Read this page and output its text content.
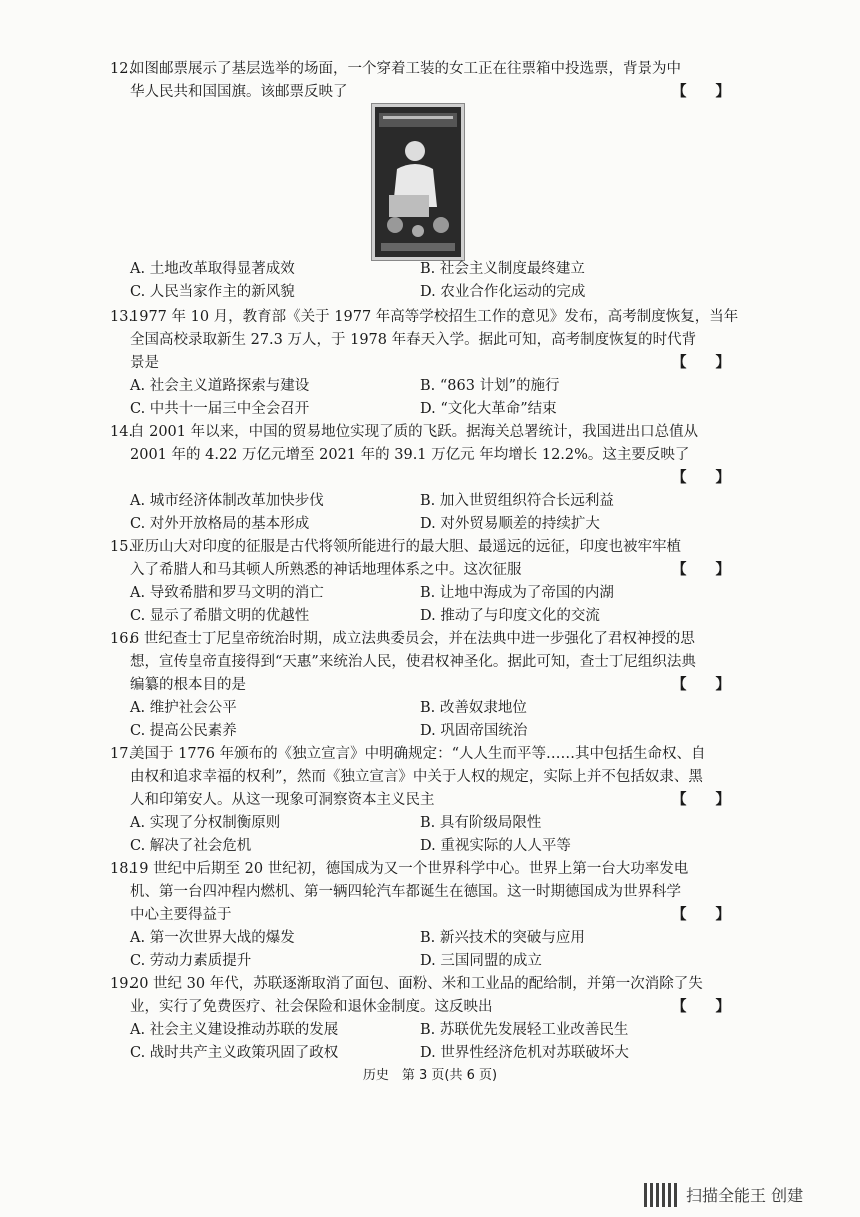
12.
如图邮票展示了基层选举的场面，一个穿着工装的女工正在往票箱中投选票，背景为中
华人民共和国国旗。该邮票反映了	【　　】
A. 土地改革取得显著成效	B. 社会主义制度最终建立
C. 人民当家作主的新风貌	D. 农业合作化运动的完成
13.
1977 年 10 月，教育部《关于 1977 年高等学校招生工作的意见》发布，高考制度恢复，当年
全国高校录取新生 27.3 万人，于 1978 年春天入学。据此可知，高考制度恢复的时代背
景是	【　　】
A. 社会主义道路探索与建设	B. “863 计划”的施行
C. 中共十一届三中全会召开	D. “文化大革命”结束
14.
自 2001 年以来，中国的贸易地位实现了质的飞跃。据海关总署统计，我国进出口总值从
2001 年的 4.22 万亿元增至 2021 年的 39.1 万亿元 年均增长 12.2%。这主要反映了
【　　】
A. 城市经济体制改革加快步伐	B. 加入世贸组织符合长远利益
C. 对外开放格局的基本形成	D. 对外贸易顺差的持续扩大
15.
亚历山大对印度的征服是古代将领所能进行的最大胆、最遥远的远征，印度也被牢牢植
入了希腊人和马其顿人所熟悉的神话地理体系之中。这次征服	【　　】
A. 导致希腊和罗马文明的消亡	B. 让地中海成为了帝国的内湖
C. 显示了希腊文明的优越性	D. 推动了与印度文化的交流
16.
6 世纪查士丁尼皇帝统治时期，成立法典委员会，并在法典中进一步强化了君权神授的思
想，宣传皇帝直接得到“天惠”来统治人民，使君权神圣化。据此可知，查士丁尼组织法典
编纂的根本目的是	【　　】
A. 维护社会公平	B. 改善奴隶地位
C. 提高公民素养	D. 巩固帝国统治
17.
美国于 1776 年颁布的《独立宣言》中明确规定：“人人生而平等……其中包括生命权、自
由权和追求幸福的权利”，然而《独立宣言》中关于人权的规定，实际上并不包括奴隶、黑
人和印第安人。从这一现象可洞察资本主义民主	【　　】
A. 实现了分权制衡原则	B. 具有阶级局限性
C. 解决了社会危机	D. 重视实际的人人平等
18.
19 世纪中后期至 20 世纪初，德国成为又一个世界科学中心。世界上第一台大功率发电
机、第一台四冲程内燃机、第一辆四轮汽车都诞生在德国。这一时期德国成为世界科学
中心主要得益于	【　　】
A. 第一次世界大战的爆发	B. 新兴技术的突破与应用
C. 劳动力素质提升	D. 三国同盟的成立
19.
20 世纪 30 年代，苏联逐渐取消了面包、面粉、米和工业品的配给制，并第一次消除了失
业，实行了免费医疗、社会保险和退休金制度。这反映出	【　　】
A. 社会主义建设推动苏联的发展	B. 苏联优先发展轻工业改善民生
C. 战时共产主义政策巩固了政权	D. 世界性经济危机对苏联破坏大
历史　第 3 页(共 6 页)
扫描全能王 创建
